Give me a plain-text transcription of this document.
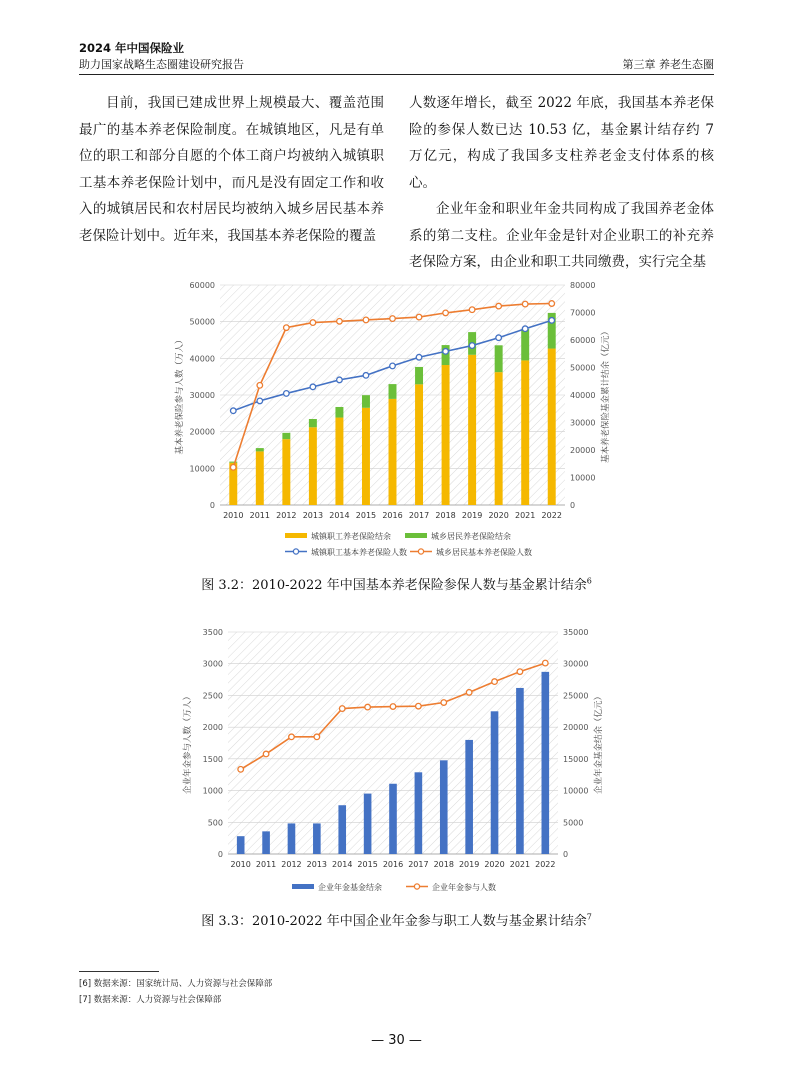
2024 年中国保险业
助力国家战略生态圈建设研究报告	第三章 养老生态圈

目前，我国已建成世界上规模最大、覆盖范围最广的基本养老保险制度。在城镇地区，凡是有单位的职工和部分自愿的个体工商户均被纳入城镇职工基本养老保险计划中，而凡是没有固定工作和收入的城镇居民和农村居民均被纳入城乡居民基本养老保险计划中。近年来，我国基本养老保险的覆盖

人数逐年增长，截至 2022 年底，我国基本养老保险的参保人数已达 10.53 亿，基金累计结存约 7 万亿元，构成了我国多支柱养老金支付体系的核心。

企业年金和职业年金共同构成了我国养老金体系的第二支柱。企业年金是针对企业职工的补充养老保险方案，由企业和职工共同缴费，实行完全基

0
10000
20000
30000
40000
50000
60000
0
10000
20000
30000
40000
50000
60000
70000
80000
2010 2011 2012 2013 2014 2015 2016 2017 2018 2019 2020 2021 2022
基本养老保险参与人数（万人）	基本养老保险基金累计结余（亿元）
城镇职工养老保险结余	城乡居民养老保险结余
城镇职工基本养老保险人数	城乡居民基本养老保险人数
图 3.2：2010-2022 年中国基本养老保险参保人数与基金累计结余$^6$
0
500
1000
1500
2000
2500
3000
3500
0
5000
10000
15000
20000
25000
30000
35000
2010 2011 2012 2013 2014 2015 2016 2017 2018 2019 2020 2021 2022
企业年金参与人数（万人）	企业年金基金结余（亿元）
企业年金基金结余	企业年金参与人数
图 3.3：2010-2022 年中国企业年金参与职工人数与基金累计结余$^7$
[6] 数据来源：国家统计局、人力资源与社会保障部
[7] 数据来源：人力资源与社会保障部
— 30 —
